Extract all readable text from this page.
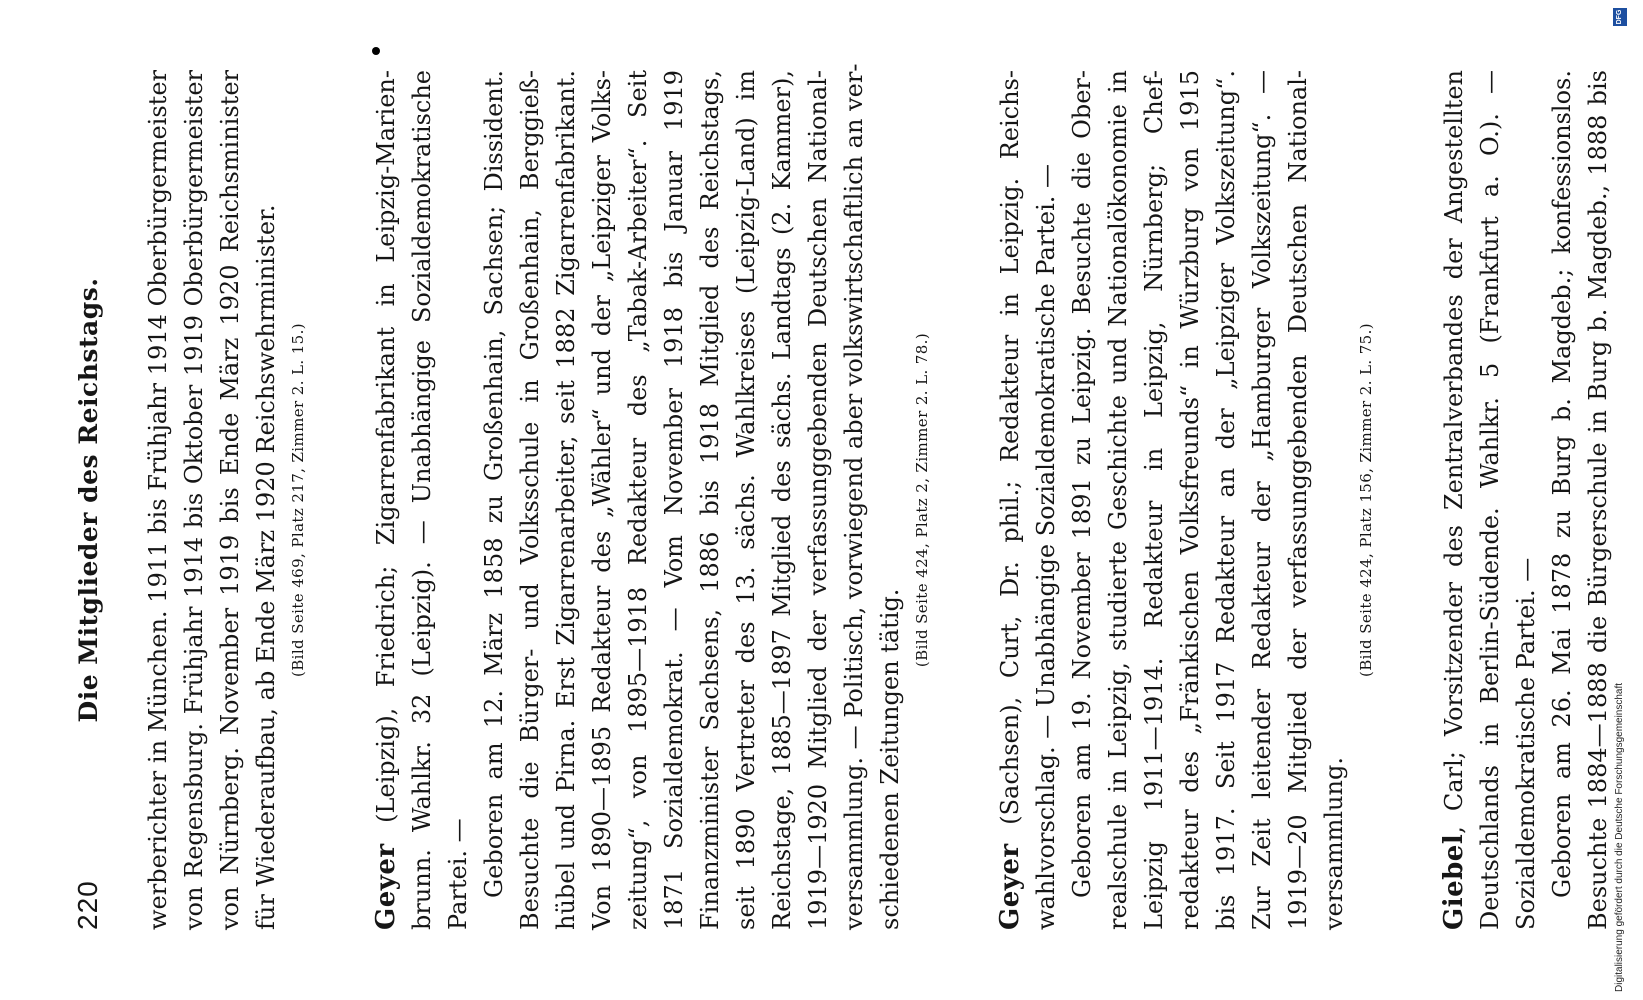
220
Die Mitglieder des Reichstags. werberichter in München. 1911 bis Frühjahr 1914 Oberbürgermeister von Regensburg. Frühjahr 1914 bis Oktober 1919 Oberbürgermeister von Nürnberg. November 1919 bis Ende März 1920 Reichsminister für Wiederaufbau, ab Ende März 1920 Reichswehrminister. (Bild Seite 469, Platz 217, Zimmer 2. L. 15.)
Geyer (Leipzig), Friedrich; Zigarrenfabrikant in Leipzig-Marien- brunn. Wahlkr. 32 (Leipzig). — Unabhängige Sozialdemokratische Partei. — Geboren am 12. März 1858 zu Großenhain, Sachsen; Dissident. Besuchte die Bürger- und Volksschule in Großenhain, Berggieß- hübel und Pirna. Erst Zigarrenarbeiter, seit 1882 Zigarrenfabrikant. Von 1890—1895 Redakteur des „Wähler“ und der „Leipziger Volks- zeitung“, von 1895—1918 Redakteur des „Tabak-Arbeiter“. Seit 1871 Sozialdemokrat. — Vom November 1918 bis Januar 1919 Finanzminister Sachsens, 1886 bis 1918 Mitglied des Reichstags, seit 1890 Vertreter des 13. sächs. Wahlkreises (Leipzig-Land) im Reichstage, 1885—1897 Mitglied des sächs. Landtags (2. Kammer), 1919—1920 Mitglied der verfassunggebenden Deutschen National- versammlung. — Politisch, vorwiegend aber volkswirtschaftlich an ver- schiedenen Zeitungen tätig.
(Bild Seite 424, Platz 2, Zimmer 2. L. 78.)
Geyer (Sachsen), Curt, Dr. phil.; Redakteur in Leipzig. Reichs- wahlvorschlag. — Unabhängige Sozialdemokratische Partei. — Geboren am 19. November 1891 zu Leipzig. Besuchte die Ober- realschule in Leipzig, studierte Geschichte und Nationalökonomie in Leipzig 1911—1914. Redakteur in Leipzig, Nürnberg; Chef- redakteur des „Fränkischen Volksfreunds“ in Würzburg von 1915 bis 1917. Seit 1917 Redakteur an der „Leipziger Volkszeitung“. Zur Zeit leitender Redakteur der „Hamburger Volkszeitung“. — 1919—20 Mitglied der verfassunggebenden Deutschen National- versammlung.
(Bild Seite 424, Platz 156, Zimmer 2. L. 75.)
Giebel, Carl; Vorsitzender des Zentralverbandes der Angestellten Deutschlands in Berlin-Südende. Wahlkr. 5 (Frankfurt a. O.). — Sozialdemokratische Partei. — Geboren am 26. Mai 1878 zu Burg b. Magdeb.; konfessionslos. Besuchte 1884—1888 die Bürgerschule in Burg b. Magdeb., 1888 bis Digitalisierung gefördert durch die Deutsche Forschungsgemeinschaft
DFG
